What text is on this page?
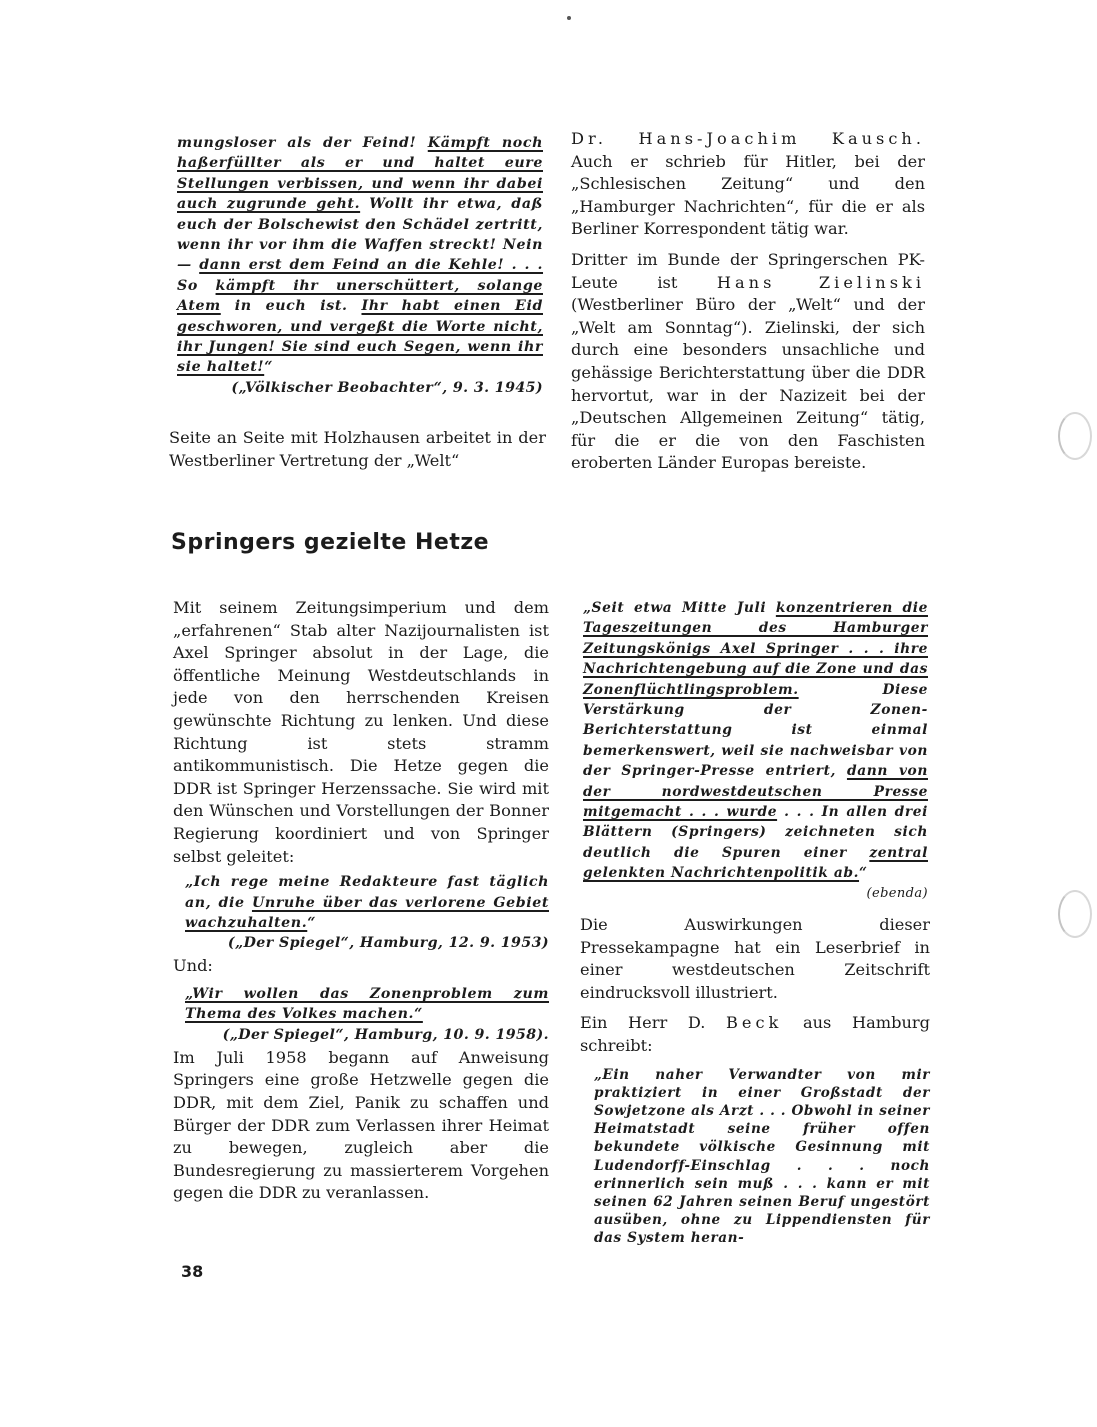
mungsloser als der Feind! Kämpft noch haßerfüllter als er und haltet eure Stellungen verbissen, und wenn ihr dabei auch zugrunde geht. Wollt ihr etwa, daß euch der Bolschewist den Schädel zertritt, wenn ihr vor ihm die Waffen streckt! Nein — dann erst dem Feind an die Kehle! . . . So kämpft ihr unerschüttert, solange Atem in euch ist. Ihr habt einen Eid geschworen, und vergeßt die Worte nicht, ihr Jungen! Sie sind euch Segen, wenn ihr sie haltet!“

(„Völkischer Beobachter“, 9. 3. 1945)

Seite an Seite mit Holzhausen arbeitet in der Westberliner Vertretung der „Welt“

Dr. Hans-Joachim Kausch. Auch er schrieb für Hitler, bei der „Schlesischen Zeitung“ und den „Hamburger Nachrichten“, für die er als Berliner Korrespondent tätig war.

Dritter im Bunde der Springerschen PK-Leute ist Hans Zielinski (Westberliner Büro der „Welt“ und der „Welt am Sonntag“). Zielinski, der sich durch eine besonders unsachliche und gehässige Berichterstattung über die DDR hervortut, war in der Nazizeit bei der „Deutschen Allgemeinen Zeitung“ tätig, für die er die von den Faschisten eroberten Länder Europas bereiste.

Springers gezielte Hetze

Mit seinem Zeitungsimperium und dem „erfahrenen“ Stab alter Nazijournalisten ist Axel Springer absolut in der Lage, die öffentliche Meinung Westdeutschlands in jede von den herrschenden Kreisen gewünschte Richtung zu lenken. Und diese Richtung ist stets stramm antikommunistisch. Die Hetze gegen die DDR ist Springer Herzenssache. Sie wird mit den Wünschen und Vorstellungen der Bonner Regierung koordiniert und von Springer selbst geleitet:

„Ich rege meine Redakteure fast täglich an, die Unruhe über das verlorene Gebiet wachzuhalten.“

(„Der Spiegel“, Hamburg, 12. 9. 1953)

Und:

„Wir wollen das Zonenproblem zum Thema des Volkes machen.“

(„Der Spiegel“, Hamburg, 10. 9. 1958).

Im Juli 1958 begann auf Anweisung Springers eine große Hetzwelle gegen die DDR, mit dem Ziel, Panik zu schaffen und Bürger der DDR zum Verlassen ihrer Heimat zu bewegen, zugleich aber die Bundesregierung zu massierterem Vorgehen gegen die DDR zu veranlassen.

„Seit etwa Mitte Juli konzentrieren die Tageszeitungen des Hamburger Zeitungskönigs Axel Springer . . . ihre Nachrichtengebung auf die Zone und das Zonenflüchtlingsproblem. Diese Verstärkung der Zonen-Berichterstattung ist einmal bemerkenswert, weil sie nachweisbar von der Springer-Presse entriert, dann von der nordwestdeutschen Presse mitgemacht . . . wurde . . . In allen drei Blättern (Springers) zeichneten sich deutlich die Spuren einer zentral gelenkten Nachrichtenpolitik ab.“

(ebenda)

Die Auswirkungen dieser Pressekampagne hat ein Leserbrief in einer westdeutschen Zeitschrift eindrucksvoll illustriert.

Ein Herr D. Beck aus Hamburg schreibt:

„Ein naher Verwandter von mir praktiziert in einer Großstadt der Sowjetzone als Arzt . . . Obwohl in seiner Heimatstadt seine früher offen bekundete völkische Gesinnung mit Ludendorff-Einschlag . . . noch erinnerlich sein muß . . . kann er mit seinen 62 Jahren seinen Beruf ungestört ausüben, ohne zu Lippendiensten für das System heran-

38
